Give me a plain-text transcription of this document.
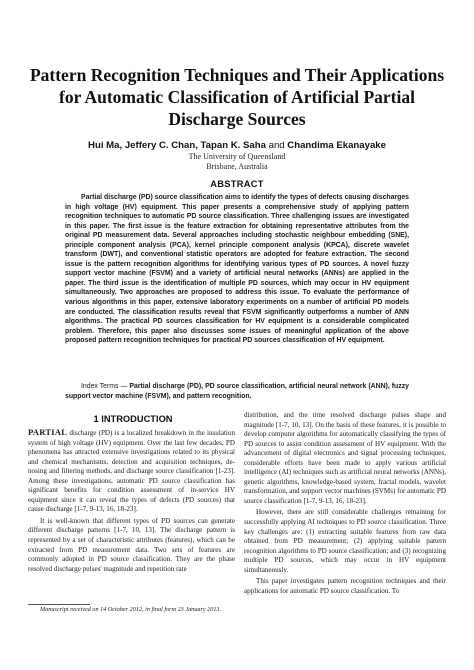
Pattern Recognition Techniques and Their Applications for Automatic Classification of Artificial Partial Discharge Sources
Hui Ma, Jeffery C. Chan, Tapan K. Saha and Chandima Ekanayake
The University of Queensland
Brisbane, Australia
ABSTRACT

Partial discharge (PD) source classification aims to identify the types of defects causing discharges in high voltage (HV) equipment. This paper presents a comprehensive study of applying pattern recognition techniques to automatic PD source classification. Three challenging issues are investigated in this paper. The first issue is the feature extraction for obtaining representative attributes from the original PD measurement data. Several approaches including stochastic neighbour embedding (SNE), principle component analysis (PCA), kernel principle component analysis (KPCA), discrete wavelet transform (DWT), and conventional statistic operators are adopted for feature extraction. The second issue is the pattern recognition algorithms for identifying various types of PD sources. A novel fuzzy support vector machine (FSVM) and a variety of artificial neural networks (ANNs) are applied in the paper. The third issue is the identification of multiple PD sources, which may occur in HV equipment simultaneously. Two approaches are proposed to address this issue. To evaluate the performance of various algorithms in this paper, extensive laboratory experiments on a number of artificial PD models are conducted. The classification results reveal that FSVM significantly outperforms a number of ANN algorithms. The practical PD sources classification for HV equipment is a considerable complicated problem. Therefore, this paper also discusses some issues of meaningful application of the above proposed pattern recognition techniques for practical PD sources classification of HV equipment.

Index Terms — Partial discharge (PD), PD source classification, artificial neural network (ANN), fuzzy support vector machine (FSVM), and pattern recognition.

1 INTRODUCTION

PARTIAL discharge (PD) is a localized breakdown in the insulation system of high voltage (HV) equipment. Over the last few decades, PD phenomena has attracted extensive investigations related to its physical and chemical mechanisms, detection and acquisition techniques, de-nosing and filtering methods, and discharge source classification [1-23]. Among these investigations, automatic PD source classification has significant benefits for condition assessment of in-service HV equipment since it can reveal the types of defects (PD sources) that cause discharge [1-7, 9-13, 16, 18-23].

It is well-known that different types of PD sources can generate different discharge patterns [1-7, 10, 13]. The discharge pattern is represented by a set of characteristic attributes (features), which can be extracted from PD measurement data. Two sets of features are commonly adopted in PD source classification. They are the phase resolved discharge pulses' magnitude and repetition rate

distribution, and the time resolved discharge pulses shape and magnitude [1-7, 10, 13]. On the basis of these features, it is possible to develop computer algorithms for automatically classifying the types of PD sources to assist condition assessment of HV equipment. With the advancement of digital electronics and signal processing techniques, considerable efforts have been made to apply various artificial intelligence (AI) techniques such as artificial neural networks (ANNs), genetic algorithms, knowledge-based system, fractal models, wavelet transformation, and support vector machines (SVMs) for automatic PD source classification [1-7, 9-13, 16, 18-23].

However, there are still considerable challenges remaining for successfully applying AI techniques to PD source classification. Three key challenges are: (1) extracting suitable features from raw data obtained from PD measurement; (2) applying suitable pattern recognition algorithms to PD source classification; and (3) recognizing multiple PD sources, which may occur in HV equipment simultaneously.

This paper investigates pattern recognition techniques and their applications for automatic PD source classification. To

Manuscript received on 14 October 2012, in final form 23 January 2013.
